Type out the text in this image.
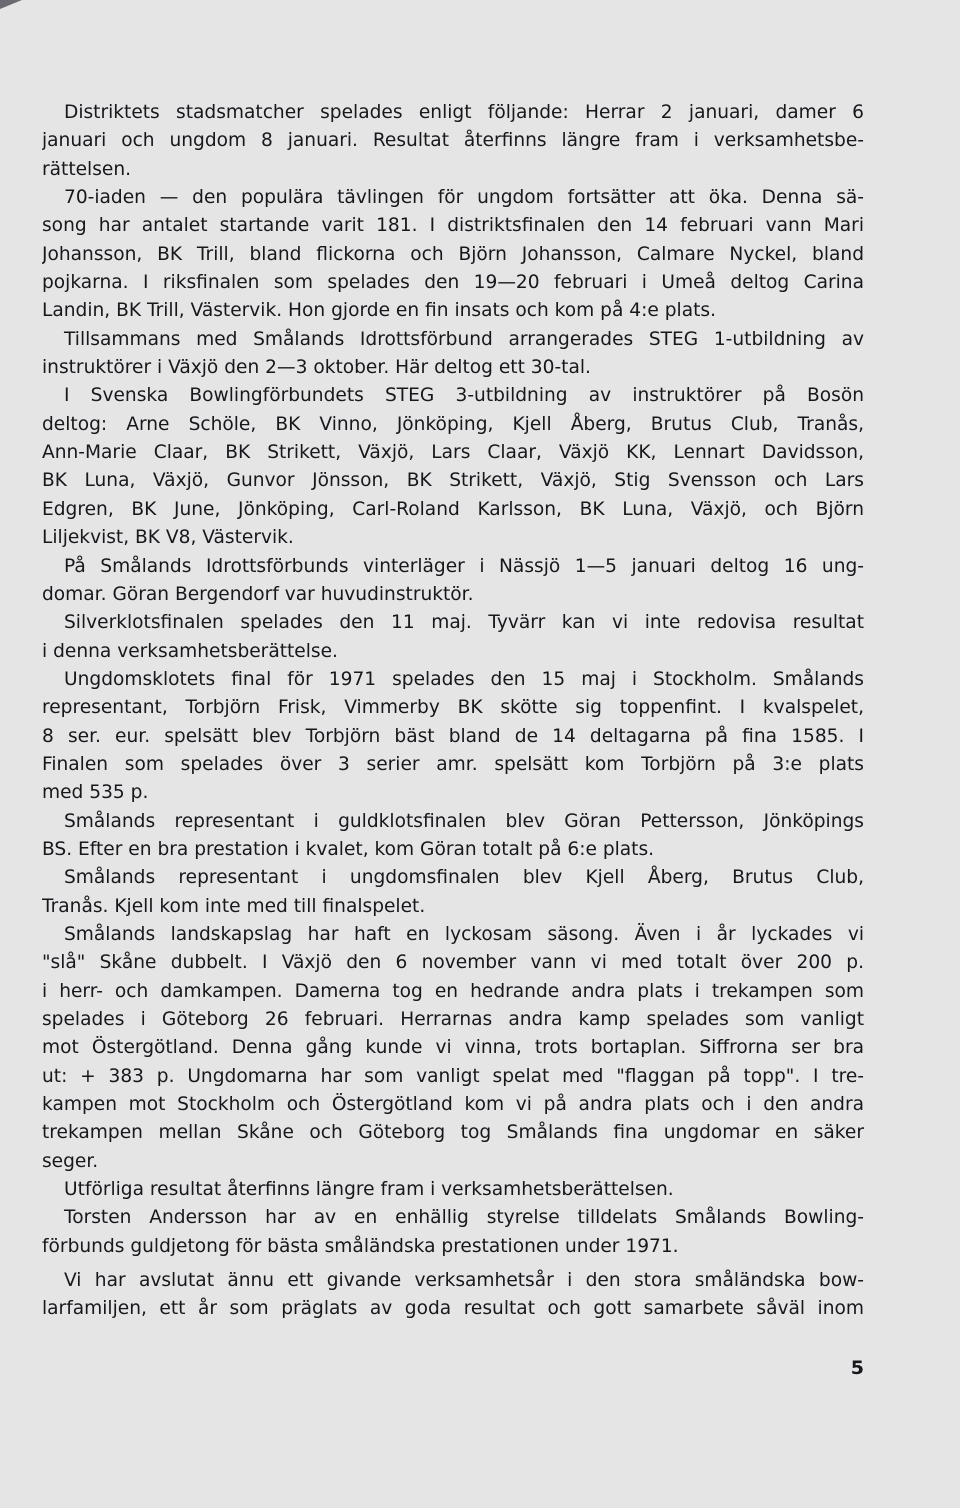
Distriktets stadsmatcher spelades enligt följande: Herrar 2 januari, damer 6
januari och ungdom 8 januari. Resultat återfinns längre fram i verksamhetsbe-
rättelsen.
70-iaden — den populära tävlingen för ungdom fortsätter att öka. Denna sä-
song har antalet startande varit 181. I distriktsfinalen den 14 februari vann Mari
Johansson, BK Trill, bland flickorna och Björn Johansson, Calmare Nyckel, bland
pojkarna. I riksfinalen som spelades den 19—20 februari i Umeå deltog Carina
Landin, BK Trill, Västervik. Hon gjorde en fin insats och kom på 4:e plats.
Tillsammans med Smålands Idrottsförbund arrangerades STEG 1-utbildning av
instruktörer i Växjö den 2—3 oktober. Här deltog ett 30-tal.
I Svenska Bowlingförbundets STEG 3-utbildning av instruktörer på Bosön
deltog: Arne Schöle, BK Vinno, Jönköping, Kjell Åberg, Brutus Club, Tranås,
Ann-Marie Claar, BK Strikett, Växjö, Lars Claar, Växjö KK, Lennart Davidsson,
BK Luna, Växjö, Gunvor Jönsson, BK Strikett, Växjö, Stig Svensson och Lars
Edgren, BK June, Jönköping, Carl-Roland Karlsson, BK Luna, Växjö, och Björn
Liljekvist, BK V8, Västervik.
På Smålands Idrottsförbunds vinterläger i Nässjö 1—5 januari deltog 16 ung-
domar. Göran Bergendorf var huvudinstruktör.
Silverklotsfinalen spelades den 11 maj. Tyvärr kan vi inte redovisa resultat
i denna verksamhetsberättelse.
Ungdomsklotets final för 1971 spelades den 15 maj i Stockholm. Smålands
representant, Torbjörn Frisk, Vimmerby BK skötte sig toppenfint. I kvalspelet,
8 ser. eur. spelsätt blev Torbjörn bäst bland de 14 deltagarna på fina 1585. I
Finalen som spelades över 3 serier amr. spelsätt kom Torbjörn på 3:e plats
med 535 p.
Smålands representant i guldklotsfinalen blev Göran Pettersson, Jönköpings
BS. Efter en bra prestation i kvalet, kom Göran totalt på 6:e plats.
Smålands representant i ungdomsfinalen blev Kjell Åberg, Brutus Club,
Tranås. Kjell kom inte med till finalspelet.
Smålands landskapslag har haft en lyckosam säsong. Även i år lyckades vi
"slå" Skåne dubbelt. I Växjö den 6 november vann vi med totalt över 200 p.
i herr- och damkampen. Damerna tog en hedrande andra plats i trekampen som
spelades i Göteborg 26 februari. Herrarnas andra kamp spelades som vanligt
mot Östergötland. Denna gång kunde vi vinna, trots bortaplan. Siffrorna ser bra
ut: + 383 p. Ungdomarna har som vanligt spelat med "flaggan på topp". I tre-
kampen mot Stockholm och Östergötland kom vi på andra plats och i den andra
trekampen mellan Skåne och Göteborg tog Smålands fina ungdomar en säker
seger.
Utförliga resultat återfinns längre fram i verksamhetsberättelsen.
Torsten Andersson har av en enhällig styrelse tilldelats Smålands Bowling-
förbunds guldjetong för bästa småländska prestationen under 1971.
Vi har avslutat ännu ett givande verksamhetsår i den stora småländska bow-
larfamiljen, ett år som präglats av goda resultat och gott samarbete såväl inom
5
